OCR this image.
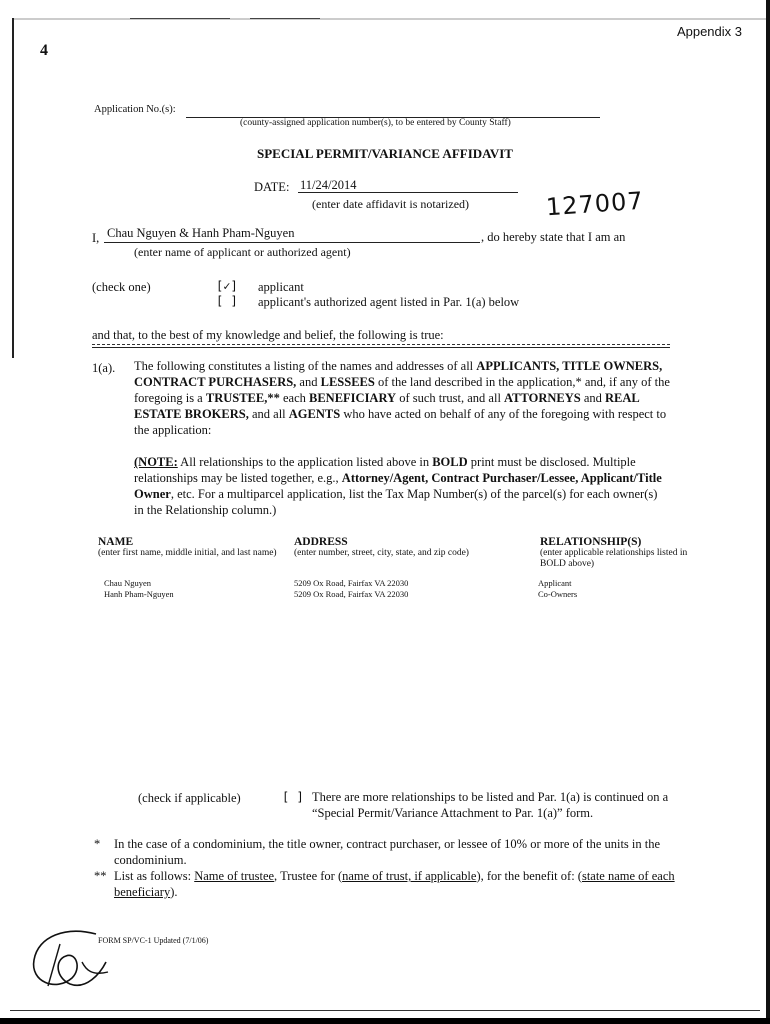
Appendix 3
4
Application No.(s):
(county-assigned application number(s), to be entered by County Staff)
SPECIAL PERMIT/VARIANCE AFFIDAVIT
DATE: 11/24/2014
(enter date affidavit is notarized)	127007
I, Chau Nguyen & Hanh Pham-Nguyen	, do hereby state that I am an
(enter name of applicant or authorized agent)
(check one)	[✓] applicant
[ ] applicant's authorized agent listed in Par. 1(a) below
and that, to the best of my knowledge and belief, the following is true:
1(a). The following constitutes a listing of the names and addresses of all APPLICANTS, TITLE OWNERS, CONTRACT PURCHASERS, and LESSEES of the land described in the application,* and, if any of the foregoing is a TRUSTEE,** each BENEFICIARY of such trust, and all ATTORNEYS and REAL ESTATE BROKERS, and all AGENTS who have acted on behalf of any of the foregoing with respect to the application:
(NOTE: All relationships to the application listed above in BOLD print must be disclosed. Multiple relationships may be listed together, e.g., Attorney/Agent, Contract Purchaser/Lessee, Applicant/Title Owner, etc. For a multiparcel application, list the Tax Map Number(s) of the parcel(s) for each owner(s) in the Relationship column.)
NAME
(enter first name, middle initial, and last name)
ADDRESS
(enter number, street, city, state, and zip code)
RELATIONSHIP(S)
(enter applicable relationships listed in BOLD above)
Chau Nguyen	5209 Ox Road, Fairfax VA 22030	Applicant
Hanh Pham-Nguyen	5209 Ox Road, Fairfax VA 22030	Co-Owners
(check if applicable)	[ ] There are more relationships to be listed and Par. 1(a) is continued on a “Special Permit/Variance Attachment to Par. 1(a)” form.
* In the case of a condominium, the title owner, contract purchaser, or lessee of 10% or more of the units in the condominium.
** List as follows: Name of trustee, Trustee for (name of trust, if applicable), for the benefit of: (state name of each beneficiary).
FORM SP/VC-1 Updated (7/1/06)
